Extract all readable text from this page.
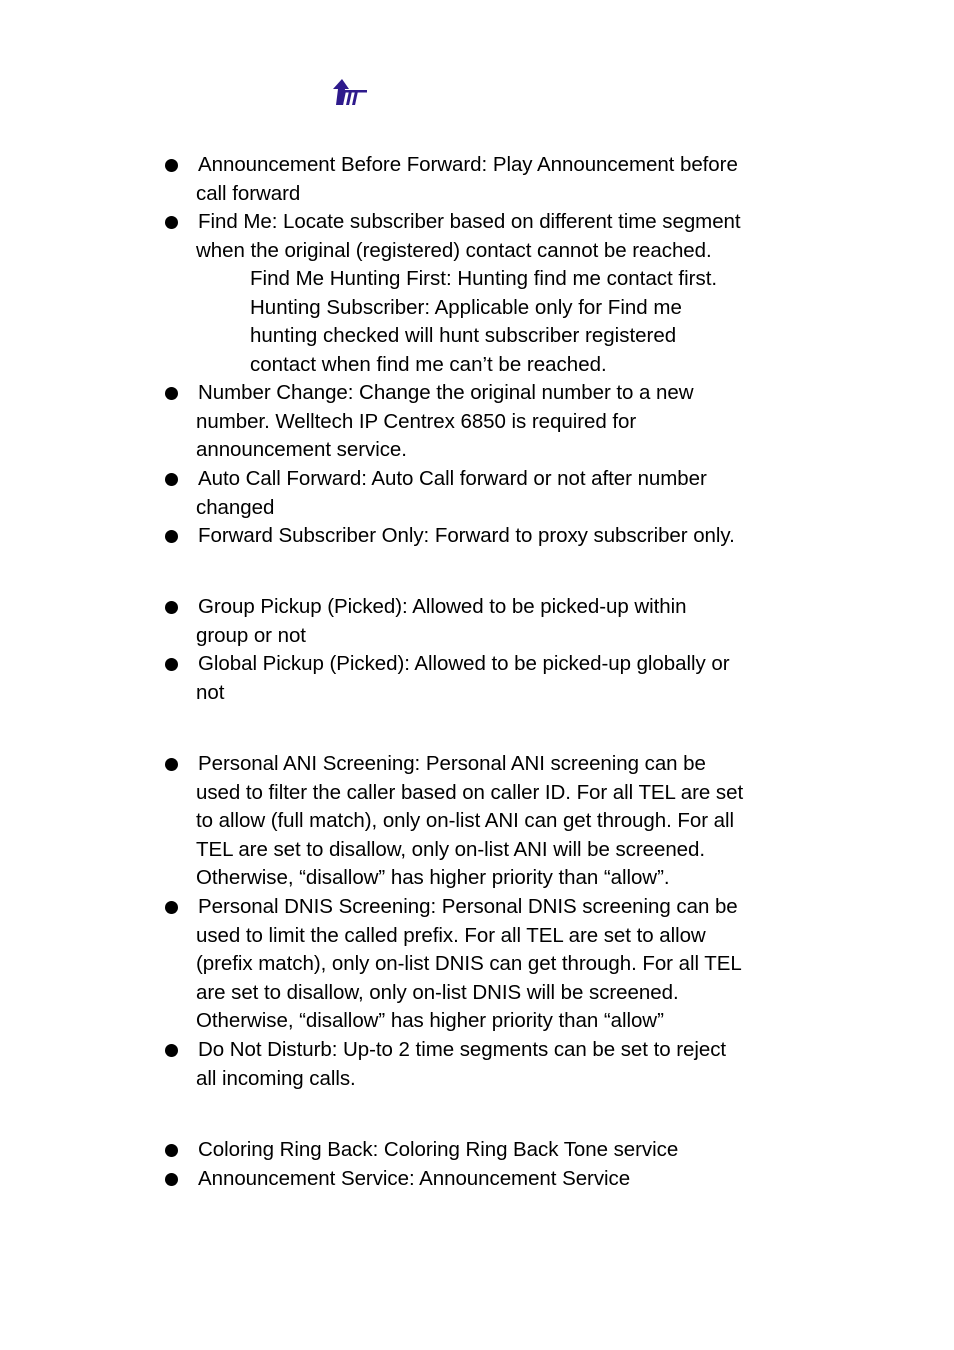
Announcement Before Forward: Play Announcement before
call forward
Find Me: Locate subscriber based on different time segment
when the original (registered) contact cannot be reached.
Find Me Hunting First: Hunting find me contact first.
Hunting Subscriber: Applicable only for Find me
hunting checked will hunt subscriber registered
contact when find me can’t be reached.
Number Change: Change the original number to a new
number. Welltech IP Centrex 6850 is required for
announcement service.
Auto Call Forward: Auto Call forward or not after number
changed
Forward Subscriber Only: Forward to proxy subscriber only.
Group Pickup (Picked): Allowed to be picked-up within
group or not
Global Pickup (Picked): Allowed to be picked-up globally or
not
Personal ANI Screening: Personal ANI screening can be
used to filter the caller based on caller ID. For all TEL are set
to allow (full match), only on-list ANI can get through. For all
TEL are set to disallow, only on-list ANI will be screened.
Otherwise, “disallow” has higher priority than “allow”.
Personal DNIS Screening: Personal DNIS screening can be
used to limit the called prefix. For all TEL are set to allow
(prefix match), only on-list DNIS can get through. For all TEL
are set to disallow, only on-list DNIS will be screened.
Otherwise, “disallow” has higher priority than “allow”
Do Not Disturb: Up-to 2 time segments can be set to reject
all incoming calls.
Coloring Ring Back: Coloring Ring Back Tone service
Announcement Service: Announcement Service
